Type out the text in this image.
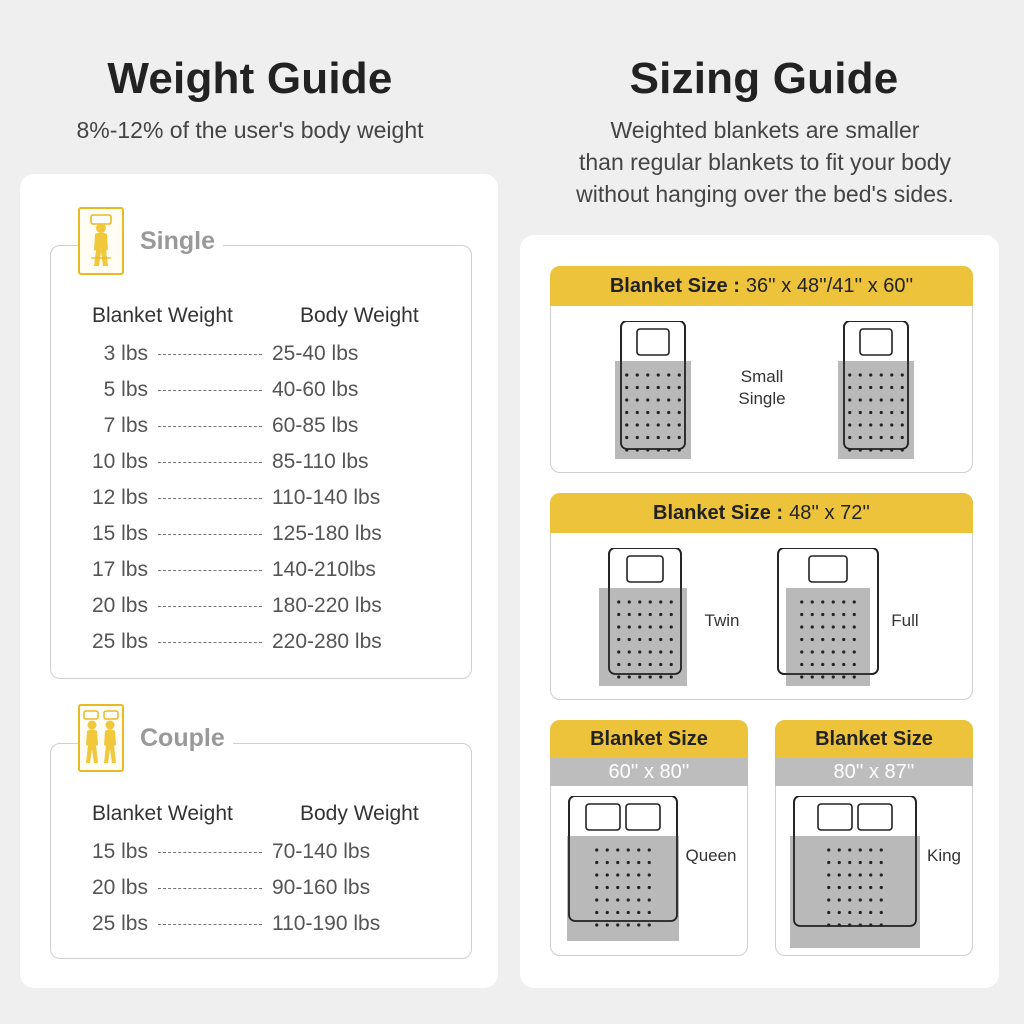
Weight Guide
8%-12% of the user's body weight
Single
Blanket Weight	Body Weight
3 lbs	25-40 lbs
5 lbs	40-60 lbs
7 lbs	60-85 lbs
10 lbs	85-110 lbs
12 lbs	110-140 lbs
15 lbs	125-180 lbs
17 lbs	140-210lbs
20 lbs	180-220 lbs
25 lbs	220-280 lbs
Couple
Blanket Weight	Body Weight
15 lbs	70-140 lbs
20 lbs	90-160 lbs
25 lbs	110-190 lbs
Sizing Guide
Weighted blankets are smaller
than regular blankets to fit your body
without hanging over the bed's sides.
Blanket Size : 36'' x 48''/41'' x 60''
Small
Single
Blanket Size : 48'' x 72''
Twin	Full
Blanket Size
60'' x 80''
Queen
Blanket Size
80'' x 87''
King
